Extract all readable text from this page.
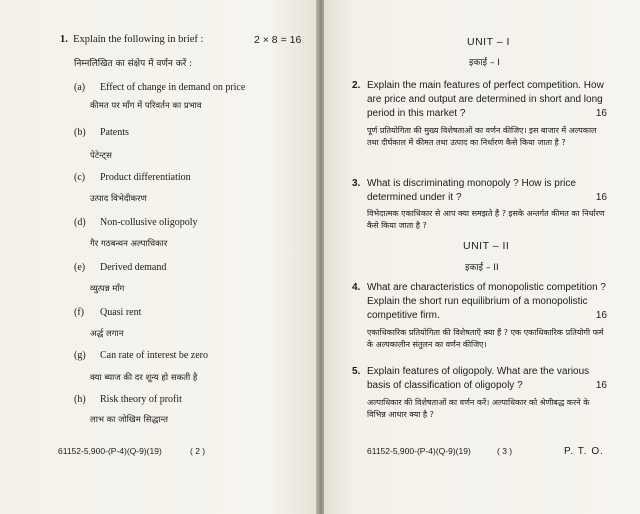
1. Explain the following in brief :	2 × 8 = 16
निम्नलिखित का संक्षेप में वर्णन करें :
(a) Effect of change in demand on price
कीमत पर माँग में परिवर्तन का प्रभाव
(b) Patents
पेटेन्ट्स
(c) Product differentiation
उत्पाद विभेदीकरण
(d) Non-collusive oligopoly
गैर गठबन्धन अल्पाधिकार
(e) Derived demand
व्युत्पन्न माँग
(f) Quasi rent
अर्द्ध लगान
(g) Can rate of interest be zero
क्या ब्याज की दर शून्य हो सकती है
(h) Risk theory of profit
लाभ का जोखिम सिद्धान्त
61152-5,900-(P-4)(Q-9)(19)	( 2 )
UNIT – I
इकाई – I
2. Explain the main features of perfect competition. How are price and output are determined in short and long period in this market ?	16
पूर्ण प्रतियोगिता की मुख्य विशेषताओं का वर्णन कीजिए। इस बाजार में अल्पकाल तथा दीर्घकाल में कीमत तथा उत्पाद का निर्धारण कैसे किया जाता है ?
3. What is discriminating monopoly ? How is price determined under it ?	16
विभेदात्मक एकाधिकार से आप क्या समझते हैं ? इसके अन्तर्गत कीमत का निर्धारण कैसे किया जाता है ?
UNIT – II
इकाई – II
4. What are characteristics of monopolistic competition ? Explain the short run equilibrium of a monopolistic competitive firm.	16
एकाधिकारिक प्रतियोगिता की विशेषताएँ क्या हैं ? एक एकाधिकारिक प्रतियोगी फर्म के अल्पकालीन संतुलन का वर्णन कीजिए।
5. Explain features of oligopoly. What are the various basis of classification of oligopoly ?	16
अल्पाधिकार की विशेषताओं का वर्णन करें। अल्पाधिकार को श्रेणीबद्ध करने के विभिन्न आधार क्या है ?
61152-5,900-(P-4)(Q-9)(19)	( 3 )	P. T. O.
